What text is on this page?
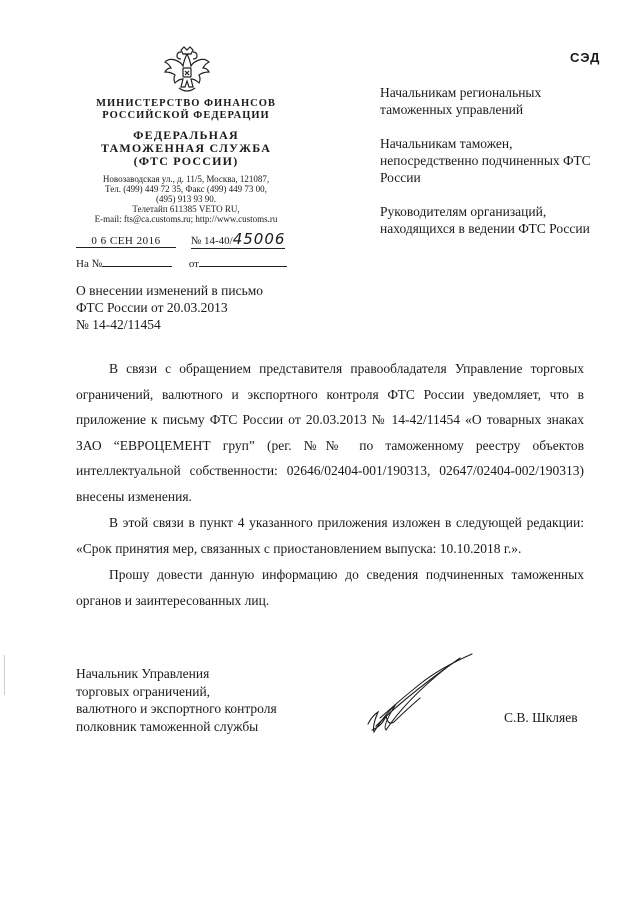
СЭД
МИНИСТЕРСТВО ФИНАНСОВ
РОССИЙСКОЙ ФЕДЕРАЦИИ
ФЕДЕРАЛЬНАЯ
ТАМОЖЕННАЯ СЛУЖБА
(ФТС РОССИИ)
Новозаводская ул., д. 11/5, Москва, 121087,
Тел. (499) 449 72 35, Факс (499) 449 73 00,
(495) 913 93 90.
Телетайп 611385 VETO RU,
E-mail: fts@ca.customs.ru; http://www.customs.ru
0 6 СЕН 2016	№ 14-40/45006
На №	от

Начальникам региональных таможенных управлений

Начальникам таможен, непосредственно подчиненных ФТС России

Руководителям организаций, находящихся в ведении ФТС России

О внесении изменений в письмо
ФТС России от 20.03.2013
№ 14-42/11454

В связи с обращением представителя правообладателя Управление торговых ограничений, валютного и экспортного контроля ФТС России уведомляет, что в приложение к письму ФТС России от 20.03.2013 № 14-42/11454 «О товарных знаках ЗАО “ЕВРОЦЕМЕНТ груп” (рег. №№ по таможенному реестру объектов интеллектуальной собственности: 02646/02404-001/190313, 02647/02404-002/190313) внесены изменения.

В этой связи в пункт 4 указанного приложения изложен в следующей редакции: «Срок принятия мер, связанных с приостановлением выпуска: 10.10.2018 г.».

Прошу довести данную информацию до сведения подчиненных таможенных органов и заинтересованных лиц.

Начальник Управления
торговых ограничений,
валютного и экспортного контроля
полковник таможенной службы
С.В. Шкляев
